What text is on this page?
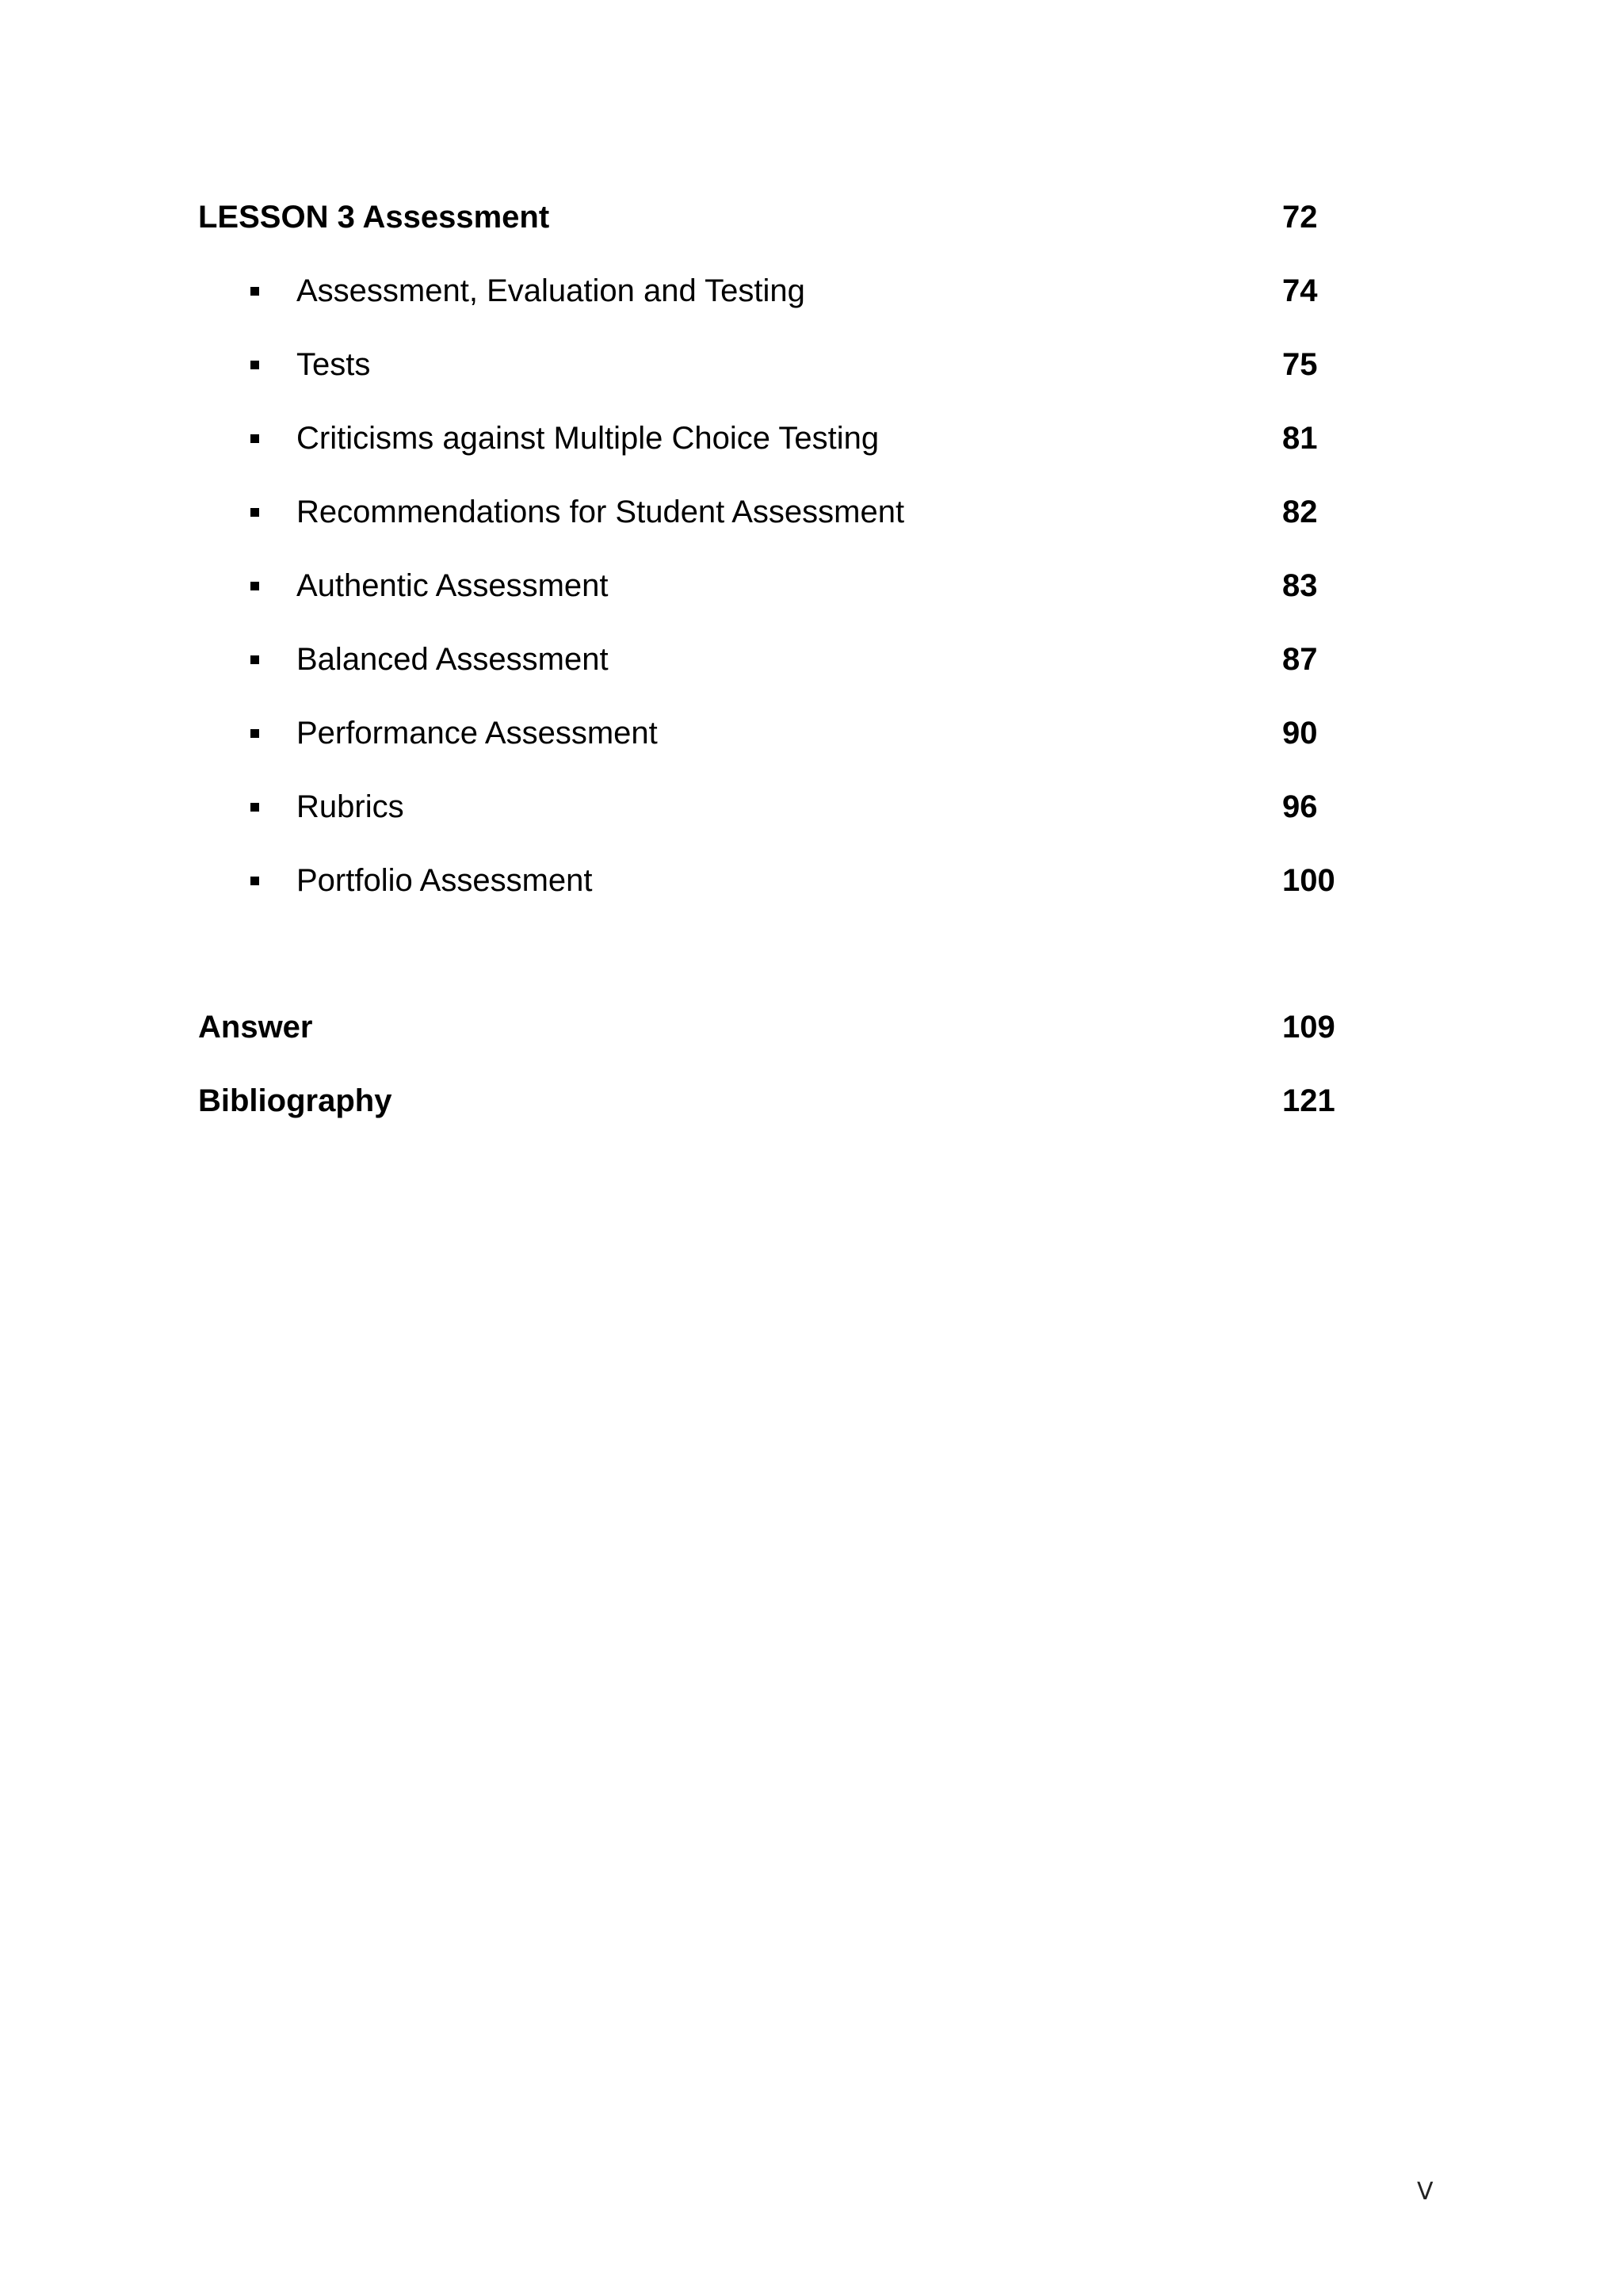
LESSON 3 Assessment	72
Assessment, Evaluation and Testing	74
Tests	75
Criticisms against Multiple Choice Testing	81
Recommendations for Student Assessment	82
Authentic Assessment	83
Balanced Assessment	87
Performance Assessment	90
Rubrics	96
Portfolio Assessment	100
Answer	109
Bibliography	121
V
